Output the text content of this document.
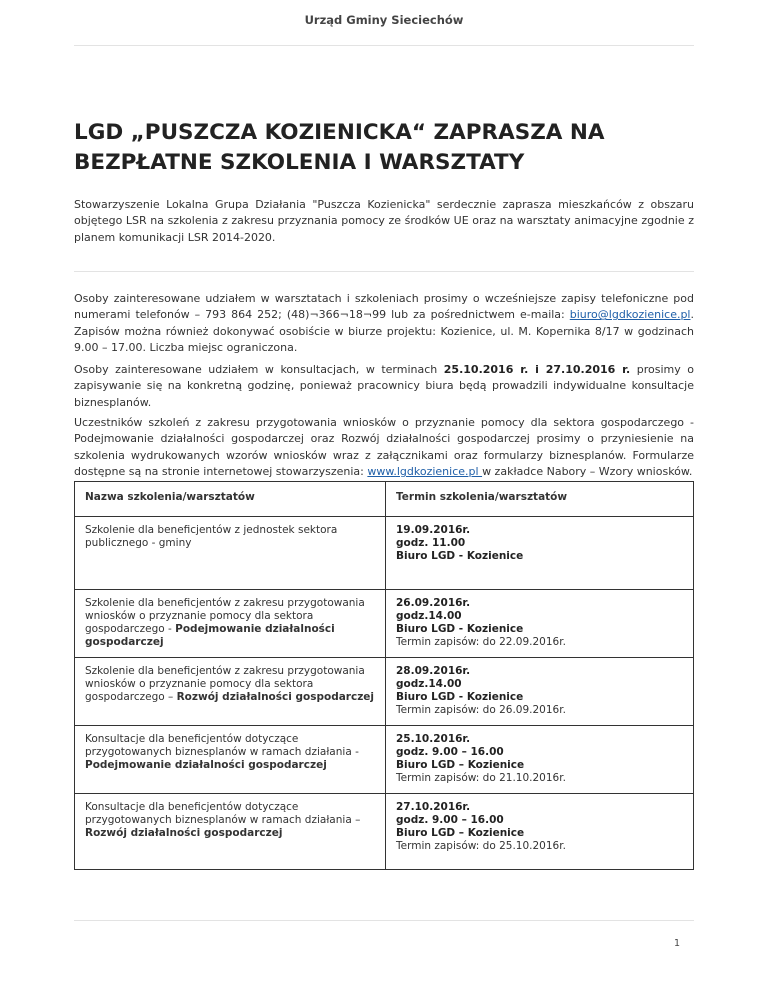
Urząd Gminy Sieciechów
LGD „PUSZCZA KOZIENICKA“ ZAPRASZA NA
BEZPŁATNE SZKOLENIA I WARSZTATY

Stowarzyszenie Lokalna Grupa Działania "Puszcza Kozienicka" serdecznie zaprasza mieszkańców z obszaru objętego LSR na szkolenia z zakresu przyznania pomocy ze środków UE oraz na warsztaty animacyjne zgodnie z planem komunikacji LSR 2014-2020.

Osoby zainteresowane udziałem w warsztatach i szkoleniach prosimy o wcześniejsze zapisy telefoniczne pod numerami telefonów – 793 864 252; (48)¬366¬18¬99 lub za pośrednictwem e-maila: biuro@lgdkozienice.pl. Zapisów można również dokonywać osobiście w biurze projektu: Kozienice, ul. M. Kopernika 8/17 w godzinach 9.00 – 17.00. Liczba miejsc ograniczona.

Osoby zainteresowane udziałem w konsultacjach, w terminach 25.10.2016 r. i 27.10.2016 r. prosimy o zapisywanie się na konkretną godzinę, ponieważ pracownicy biura będą prowadzili indywidualne konsultacje biznesplanów.

Uczestników szkoleń z zakresu przygotowania wniosków o przyznanie pomocy dla sektora gospodarczego - Podejmowanie działalności gospodarczej oraz Rozwój działalności gospodarczej prosimy o przyniesienie na szkolenia wydrukowanych wzorów wniosków wraz z załącznikami oraz formularzy biznesplanów. Formularze dostępne są na stronie internetowej stowarzyszenia: www.lgdkozienice.pl w zakładce Nabory – Wzory wniosków.

Nazwa szkolenia/warsztatów	Termin szkolenia/warsztatów
Szkolenie dla beneficjentów z jednostek sektora publicznego - gminy	19.09.2016r.
godz. 11.00
Biuro LGD - Kozienice

Szkolenie dla beneficjentów z zakresu przygotowania wniosków o przyznanie pomocy dla sektora gospodarczego - Podejmowanie działalności gospodarczej	26.09.2016r.
godz.14.00
Biuro LGD - Kozienice
Termin zapisów: do 22.09.2016r.

Szkolenie dla beneficjentów z zakresu przygotowania wniosków o przyznanie pomocy dla sektora gospodarczego – Rozwój działalności gospodarczej	28.09.2016r.
godz.14.00
Biuro LGD - Kozienice
Termin zapisów: do 26.09.2016r.

Konsultacje dla beneficjentów dotyczące przygotowanych biznesplanów w ramach działania - Podejmowanie działalności gospodarczej	25.10.2016r.
godz. 9.00 – 16.00
Biuro LGD – Kozienice
Termin zapisów: do 21.10.2016r.

Konsultacje dla beneficjentów dotyczące przygotowanych biznesplanów w ramach działania – Rozwój działalności gospodarczej	27.10.2016r.
godz. 9.00 – 16.00
Biuro LGD – Kozienice
Termin zapisów: do 25.10.2016r.
1
